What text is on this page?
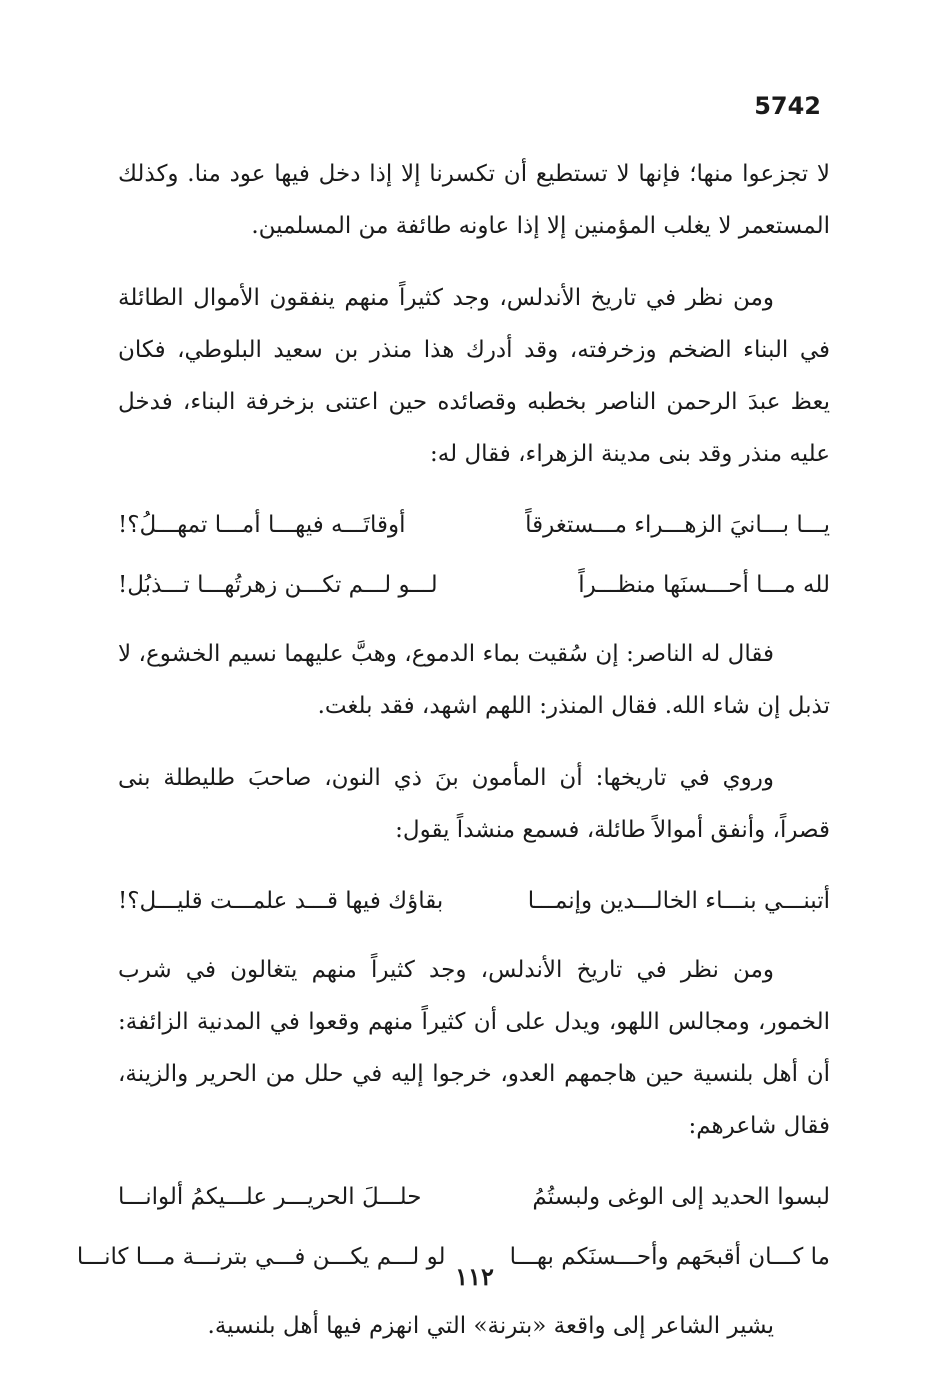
5742

لا تجزعوا منها؛ فإنها لا تستطيع أن تكسرنا إلا إذا دخل فيها عود منا. وكذلك المستعمر لا يغلب المؤمنين إلا إذا عاونه طائفة من المسلمين.

ومن نظر في تاريخ الأندلس، وجد كثيراً منهم ينفقون الأموال الطائلة في البناء الضخم وزخرفته، وقد أدرك هذا منذر بن سعيد البلوطي، فكان يعظ عبدَ الرحمن الناصر بخطبه وقصائده حين اعتنى بزخرفة البناء، فدخل عليه منذر وقد بنى مدينة الزهراء، فقال له:

يـــا بـــانيَ الزهـــراء مـــستغرقاً
أوقاتَـــه فيهـــا أمـــا تمهـــلُ؟!
لله مـــا أحـــسنَها منظـــراً
لـــو لـــم تكـــن زهرتُهـــا تـــذبُل!

فقال له الناصر: إن سُقيت بماء الدموع، وهبَّ عليهما نسيم الخشوع، لا تذبل إن شاء الله. فقال المنذر: اللهم اشهد، فقد بلغت.

وروي في تاريخها: أن المأمون بنَ ذي النون، صاحبَ طليطلة بنى قصراً، وأنفق أموالاً طائلة، فسمع منشداً يقول:

أتبنـــي بنـــاء الخالـــدين وإنمـــا
بقاؤك فيها قـــد علمـــت قليـــل؟!

ومن نظر في تاريخ الأندلس، وجد كثيراً منهم يتغالون في شرب الخمور، ومجالس اللهو، ويدل على أن كثيراً منهم وقعوا في المدنية الزائفة: أن أهل بلنسية حين هاجمهم العدو، خرجوا إليه في حلل من الحرير والزينة، فقال شاعرهم:

لبسوا الحديد إلى الوغى ولبستُمُ
حلـــلَ الحريـــر علـــيكمُ ألوانـــا
ما كـــان أقبحَهم وأحـــسنَكم بهـــا
لو لـــم يكـــن فـــي بترنـــة مـــا كانـــا

يشير الشاعر إلى واقعة «بترنة» التي انهزم فيها أهل بلنسية.

١١٢
